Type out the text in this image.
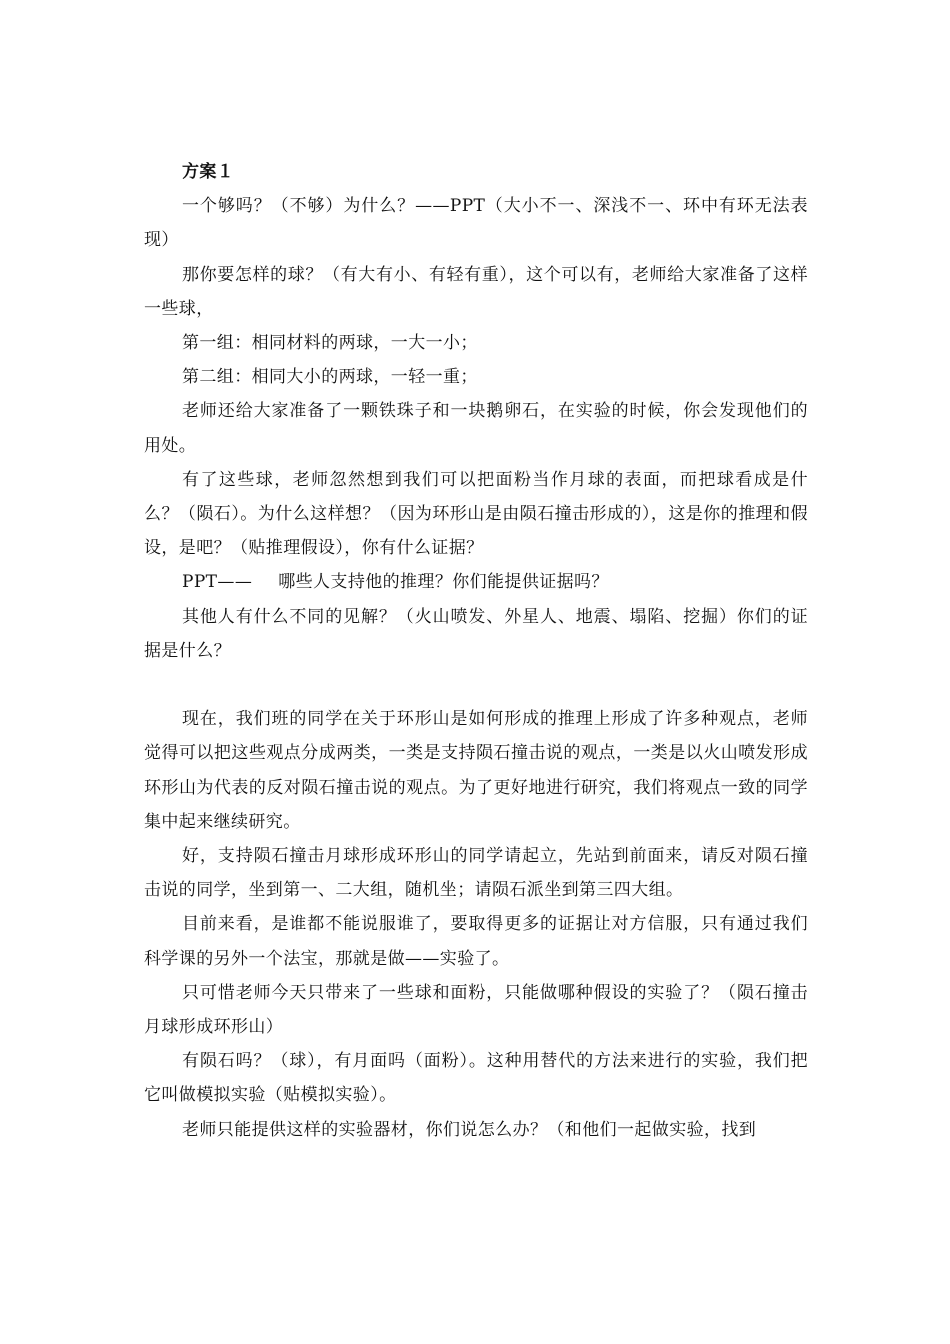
方案１

一个够吗？（不够）为什么？——PPT（大小不一、深浅不一、环中有环无法表现）

那你要怎样的球？（有大有小、有轻有重），这个可以有，老师给大家准备了这样一些球，

第一组：相同材料的两球，一大一小；

第二组：相同大小的两球，一轻一重；

老师还给大家准备了一颗铁珠子和一块鹅卵石，在实验的时候，你会发现他们的用处。

有了这些球，老师忽然想到我们可以把面粉当作月球的表面，而把球看成是什么？（陨石）。为什么这样想？（因为环形山是由陨石撞击形成的），这是你的推理和假设，是吧？（贴推理假设），你有什么证据？

PPT—— 哪些人支持他的推理？你们能提供证据吗？

其他人有什么不同的见解？（火山喷发、外星人、地震、塌陷、挖掘）你们的证据是什么？

现在，我们班的同学在关于环形山是如何形成的推理上形成了许多种观点，老师觉得可以把这些观点分成两类，一类是支持陨石撞击说的观点，一类是以火山喷发形成环形山为代表的反对陨石撞击说的观点。为了更好地进行研究，我们将观点一致的同学集中起来继续研究。

好，支持陨石撞击月球形成环形山的同学请起立，先站到前面来，请反对陨石撞击说的同学，坐到第一、二大组，随机坐；请陨石派坐到第三四大组。

目前来看，是谁都不能说服谁了，要取得更多的证据让对方信服，只有通过我们科学课的另外一个法宝，那就是做——实验了。

只可惜老师今天只带来了一些球和面粉，只能做哪种假设的实验了？（陨石撞击月球形成环形山）

有陨石吗？（球），有月面吗（面粉）。这种用替代的方法来进行的实验，我们把它叫做模拟实验（贴模拟实验）。

老师只能提供这样的实验器材，你们说怎么办？（和他们一起做实验，找到
